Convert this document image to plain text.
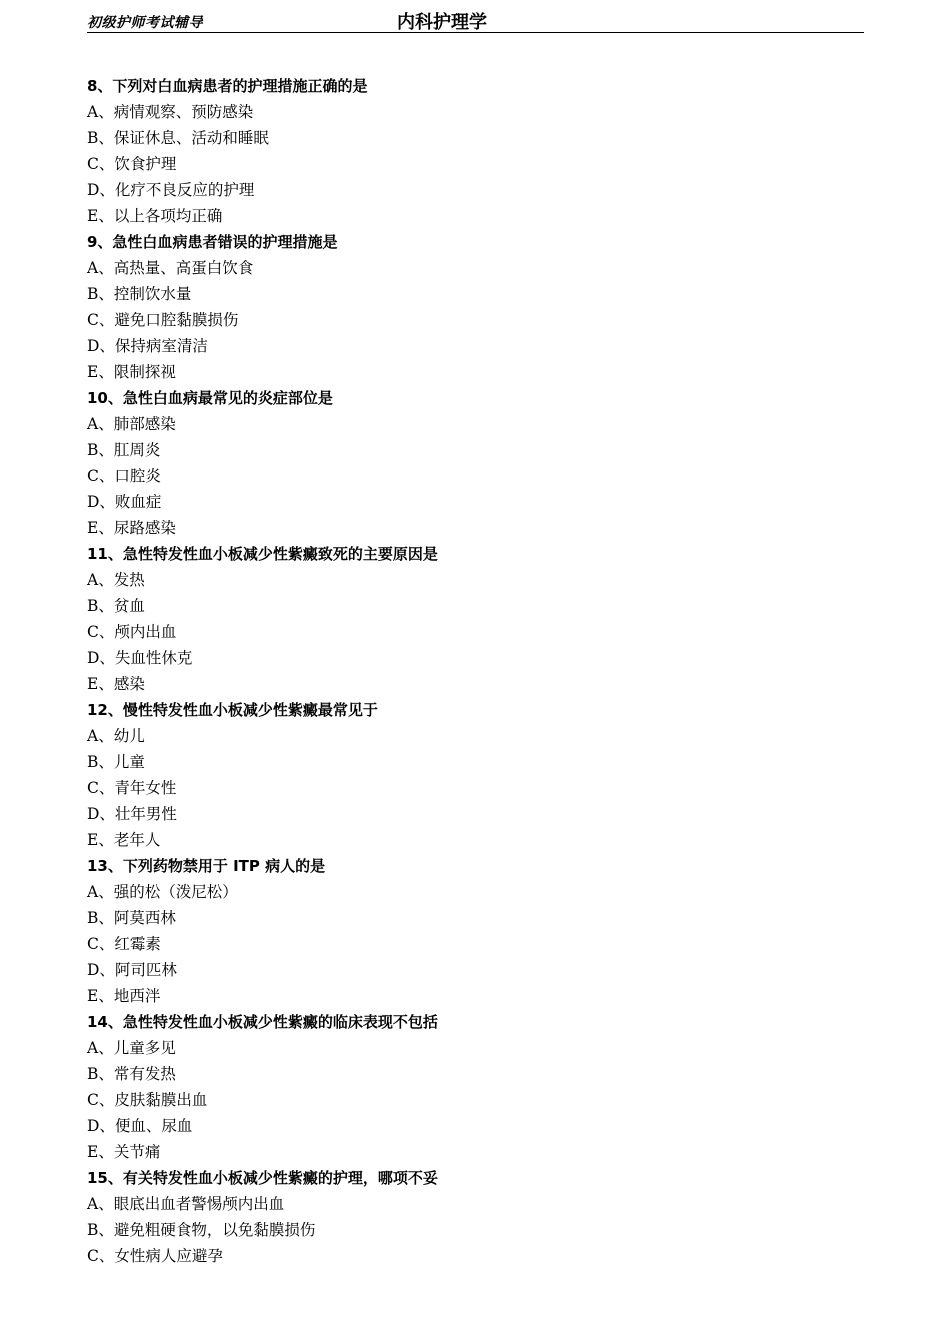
初级护师考试辅导	内科护理学
8、下列对白血病患者的护理措施正确的是
A、病情观察、预防感染
B、保证休息、活动和睡眠
C、饮食护理
D、化疗不良反应的护理
E、以上各项均正确
9、急性白血病患者错误的护理措施是
A、高热量、高蛋白饮食
B、控制饮水量
C、避免口腔黏膜损伤
D、保持病室清洁
E、限制探视
10、急性白血病最常见的炎症部位是
A、肺部感染
B、肛周炎
C、口腔炎
D、败血症
E、尿路感染
11、急性特发性血小板减少性紫癜致死的主要原因是
A、发热
B、贫血
C、颅内出血
D、失血性休克
E、感染
12、慢性特发性血小板减少性紫癜最常见于
A、幼儿
B、儿童
C、青年女性
D、壮年男性
E、老年人
13、下列药物禁用于 ITP 病人的是
A、强的松（泼尼松）
B、阿莫西林
C、红霉素
D、阿司匹林
E、地西泮
14、急性特发性血小板减少性紫癜的临床表现不包括
A、儿童多见
B、常有发热
C、皮肤黏膜出血
D、便血、尿血
E、关节痛
15、有关特发性血小板减少性紫癜的护理，哪项不妥
A、眼底出血者警惕颅内出血
B、避免粗硬食物，以免黏膜损伤
C、女性病人应避孕
